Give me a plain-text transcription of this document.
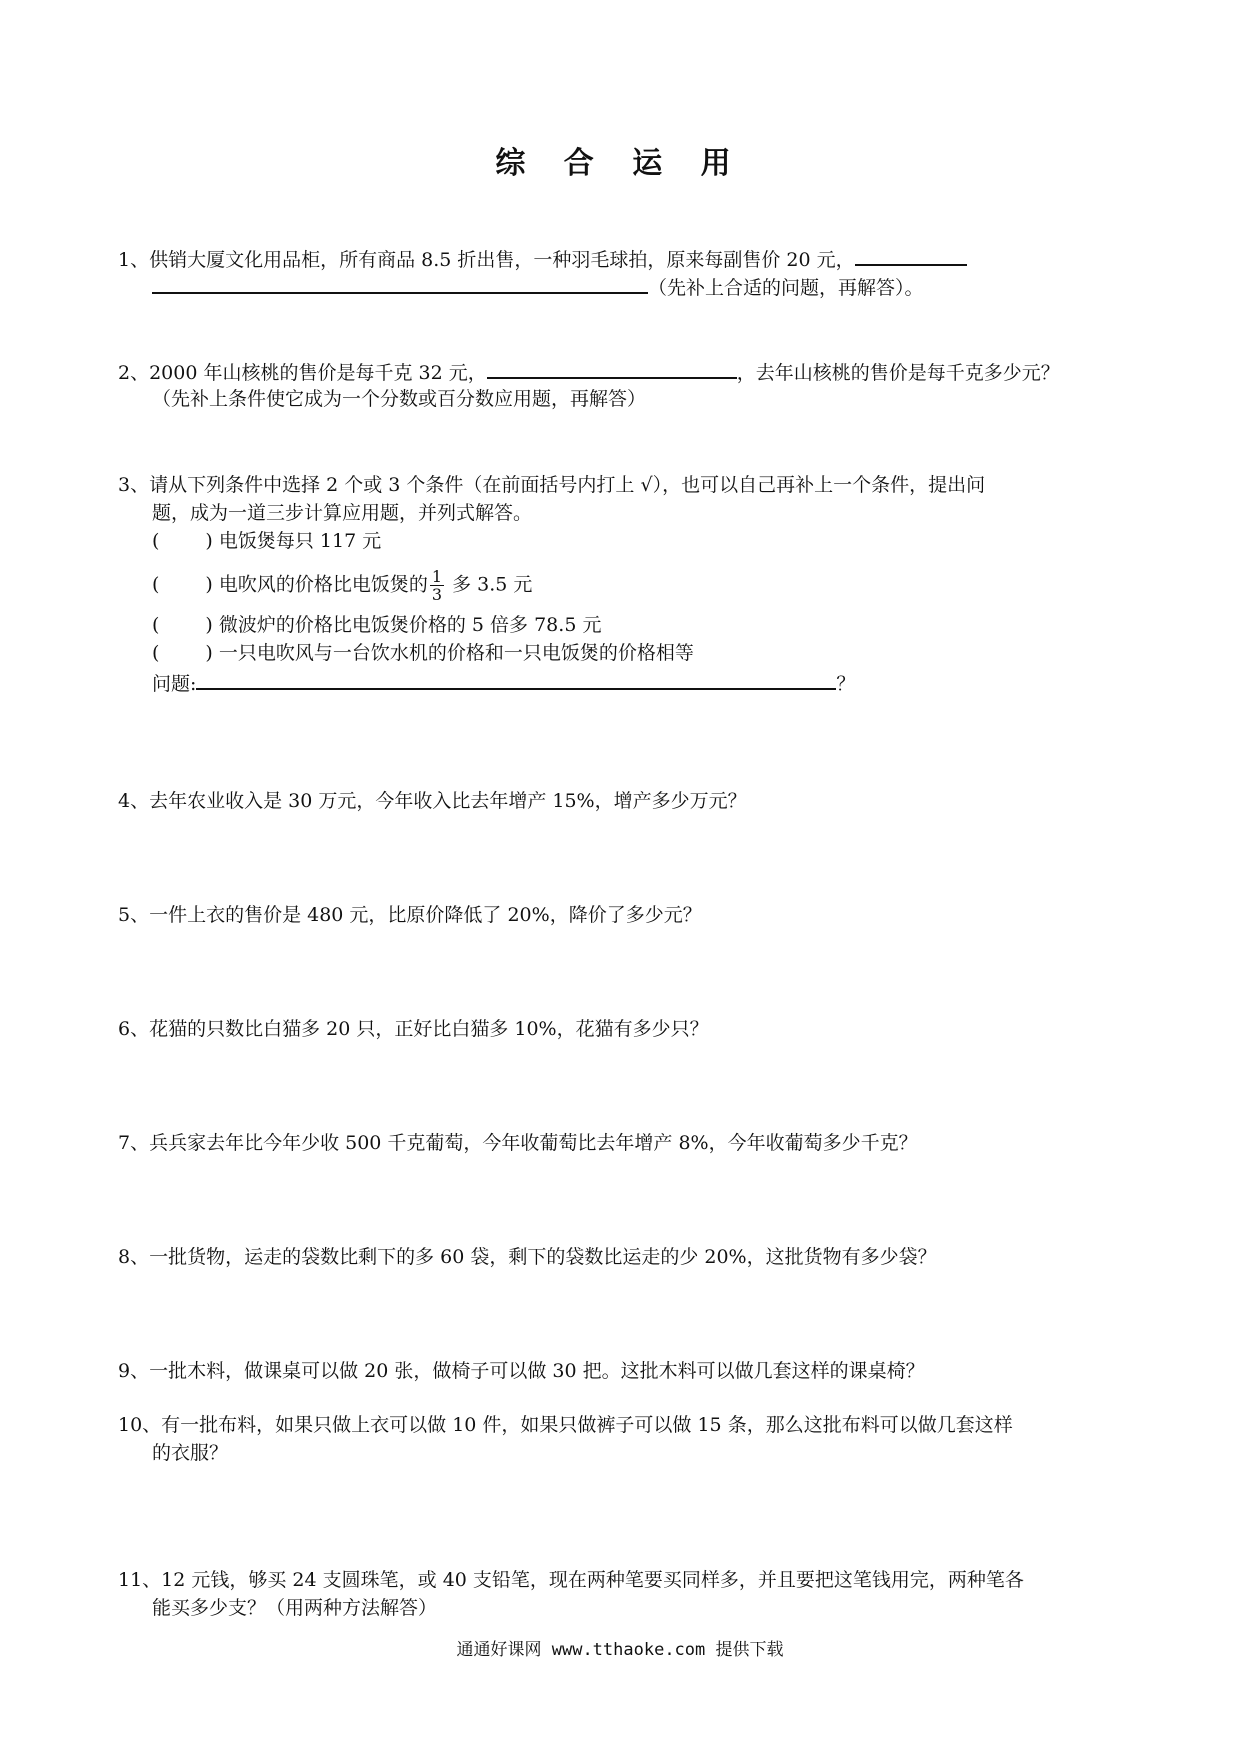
综 合 运 用
1、供销大厦文化用品柜，所有商品 8.5 折出售，一种羽毛球拍，原来每副售价 20 元，
（先补上合适的问题，再解答）。
2、2000 年山核桃的售价是每千克 32 元，	，去年山核桃的售价是每千克多少元？
（先补上条件使它成为一个分数或百分数应用题，再解答）
3、请从下列条件中选择 2 个或 3 个条件（在前面括号内打上 √），也可以自己再补上一个条件，提出问
题，成为一道三步计算应用题，并列式解答。
( ) 电饭煲每只 117 元
( ) 电吹风的价格比电饭煲的 $\frac{1}{3}$ 多 3.5 元
( ) 微波炉的价格比电饭煲价格的 5 倍多 78.5 元
( ) 一只电吹风与一台饮水机的价格和一只电饭煲的价格相等
问题:	？
4、去年农业收入是 30 万元，今年收入比去年增产 15%，增产多少万元？
5、一件上衣的售价是 480 元，比原价降低了 20%，降价了多少元？
6、花猫的只数比白猫多 20 只，正好比白猫多 10%，花猫有多少只？
7、兵兵家去年比今年少收 500 千克葡萄，今年收葡萄比去年增产 8%，今年收葡萄多少千克？
8、一批货物，运走的袋数比剩下的多 60 袋，剩下的袋数比运走的少 20%，这批货物有多少袋？
9、一批木料，做课桌可以做 20 张，做椅子可以做 30 把。这批木料可以做几套这样的课桌椅？
10、有一批布料，如果只做上衣可以做 10 件，如果只做裤子可以做 15 条，那么这批布料可以做几套这样
的衣服？
11、12 元钱，够买 24 支圆珠笔，或 40 支铅笔，现在两种笔要买同样多，并且要把这笔钱用完，两种笔各
能买多少支？（用两种方法解答）
通通好课网 www.tthaoke.com 提供下载
